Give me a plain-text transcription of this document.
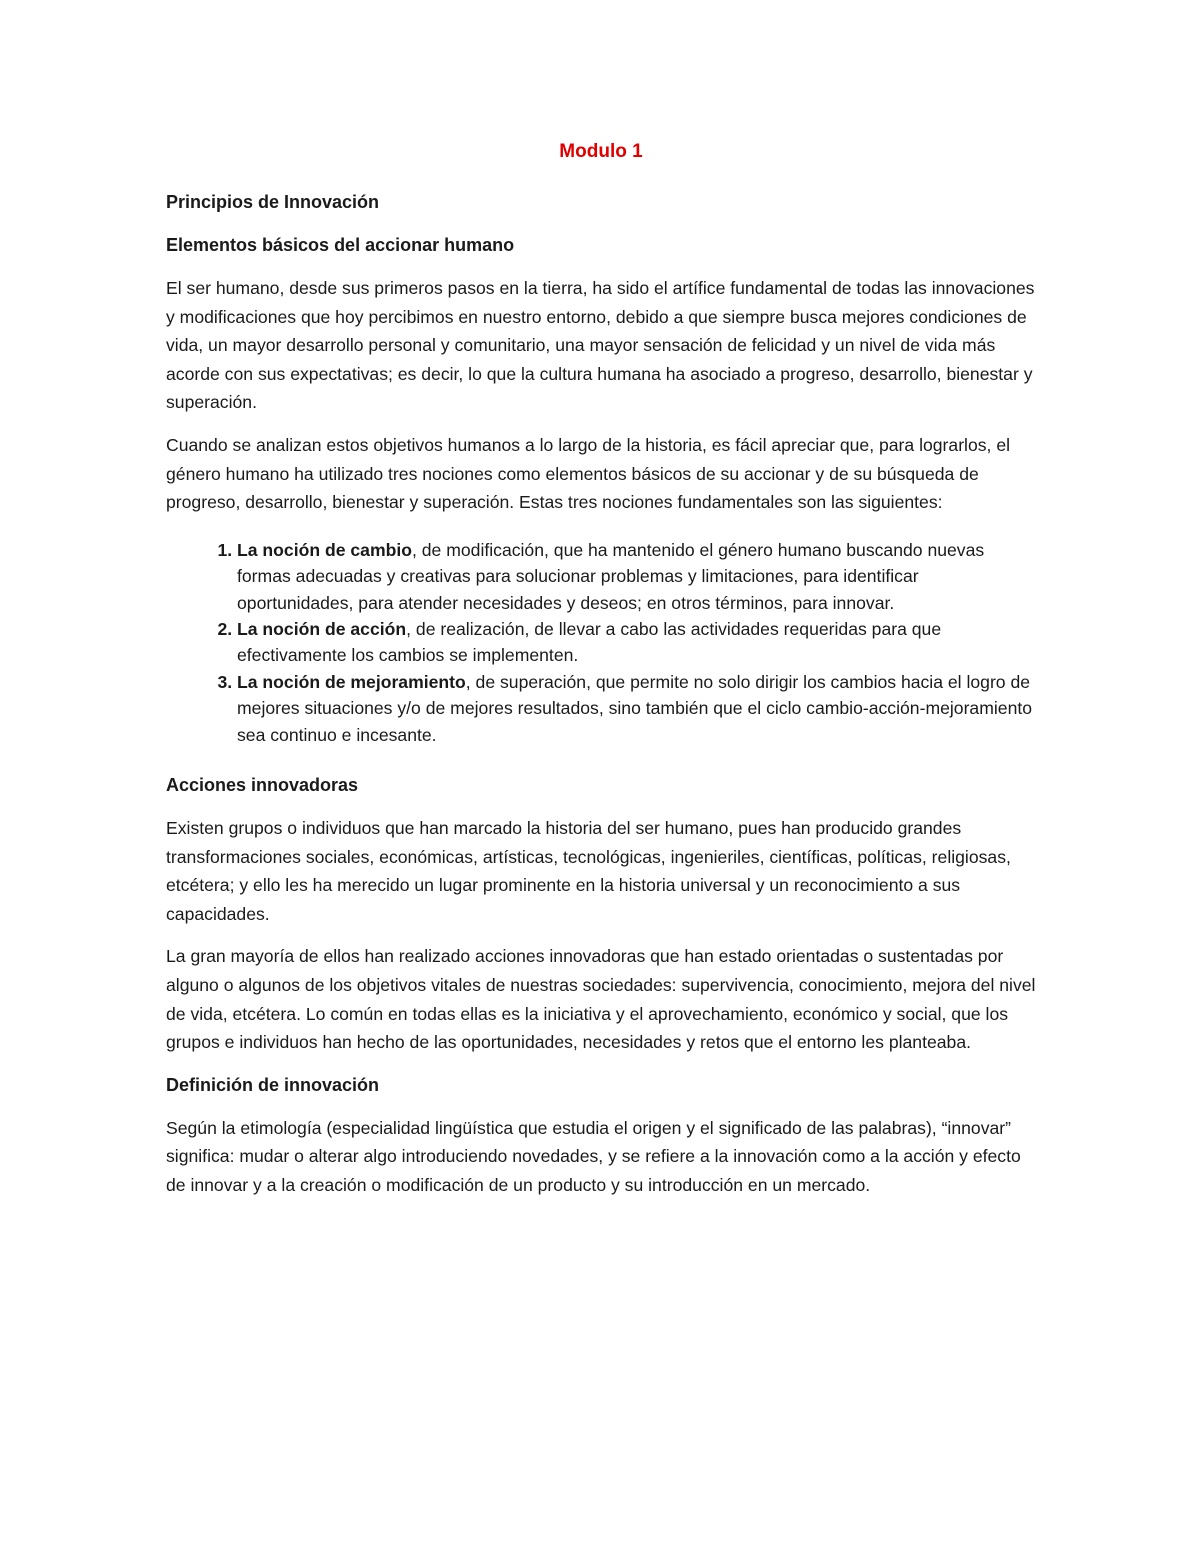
Modulo 1
Principios de Innovación
Elementos básicos del accionar humano

El ser humano, desde sus primeros pasos en la tierra, ha sido el artífice fundamental de todas las innovaciones y modificaciones que hoy percibimos en nuestro entorno, debido a que siempre busca mejores condiciones de vida, un mayor desarrollo personal y comunitario, una mayor sensación de felicidad y un nivel de vida más acorde con sus expectativas; es decir, lo que la cultura humana ha asociado a progreso, desarrollo, bienestar y superación.

Cuando se analizan estos objetivos humanos a lo largo de la historia, es fácil apreciar que, para lograrlos, el género humano ha utilizado tres nociones como elementos básicos de su accionar y de su búsqueda de progreso, desarrollo, bienestar y superación. Estas tres nociones fundamentales son las siguientes:

1. La noción de cambio, de modificación, que ha mantenido el género humano buscando nuevas formas adecuadas y creativas para solucionar problemas y limitaciones, para identificar oportunidades, para atender necesidades y deseos; en otros términos, para innovar.
2. La noción de acción, de realización, de llevar a cabo las actividades requeridas para que efectivamente los cambios se implementen.
3. La noción de mejoramiento, de superación, que permite no solo dirigir los cambios hacia el logro de mejores situaciones y/o de mejores resultados, sino también que el ciclo cambio-acción-mejoramiento sea continuo e incesante.
Acciones innovadoras

Existen grupos o individuos que han marcado la historia del ser humano, pues han producido grandes transformaciones sociales, económicas, artísticas, tecnológicas, ingenieriles, científicas, políticas, religiosas, etcétera; y ello les ha merecido un lugar prominente en la historia universal y un reconocimiento a sus capacidades.

La gran mayoría de ellos han realizado acciones innovadoras que han estado orientadas o sustentadas por alguno o algunos de los objetivos vitales de nuestras sociedades: supervivencia, conocimiento, mejora del nivel de vida, etcétera. Lo común en todas ellas es la iniciativa y el aprovechamiento, económico y social, que los grupos e individuos han hecho de las oportunidades, necesidades y retos que el entorno les planteaba.

Definición de innovación

Según la etimología (especialidad lingüística que estudia el origen y el significado de las palabras), “innovar” significa: mudar o alterar algo introduciendo novedades, y se refiere a la innovación como a la acción y efecto de innovar y a la creación o modificación de un producto y su introducción en un mercado.
